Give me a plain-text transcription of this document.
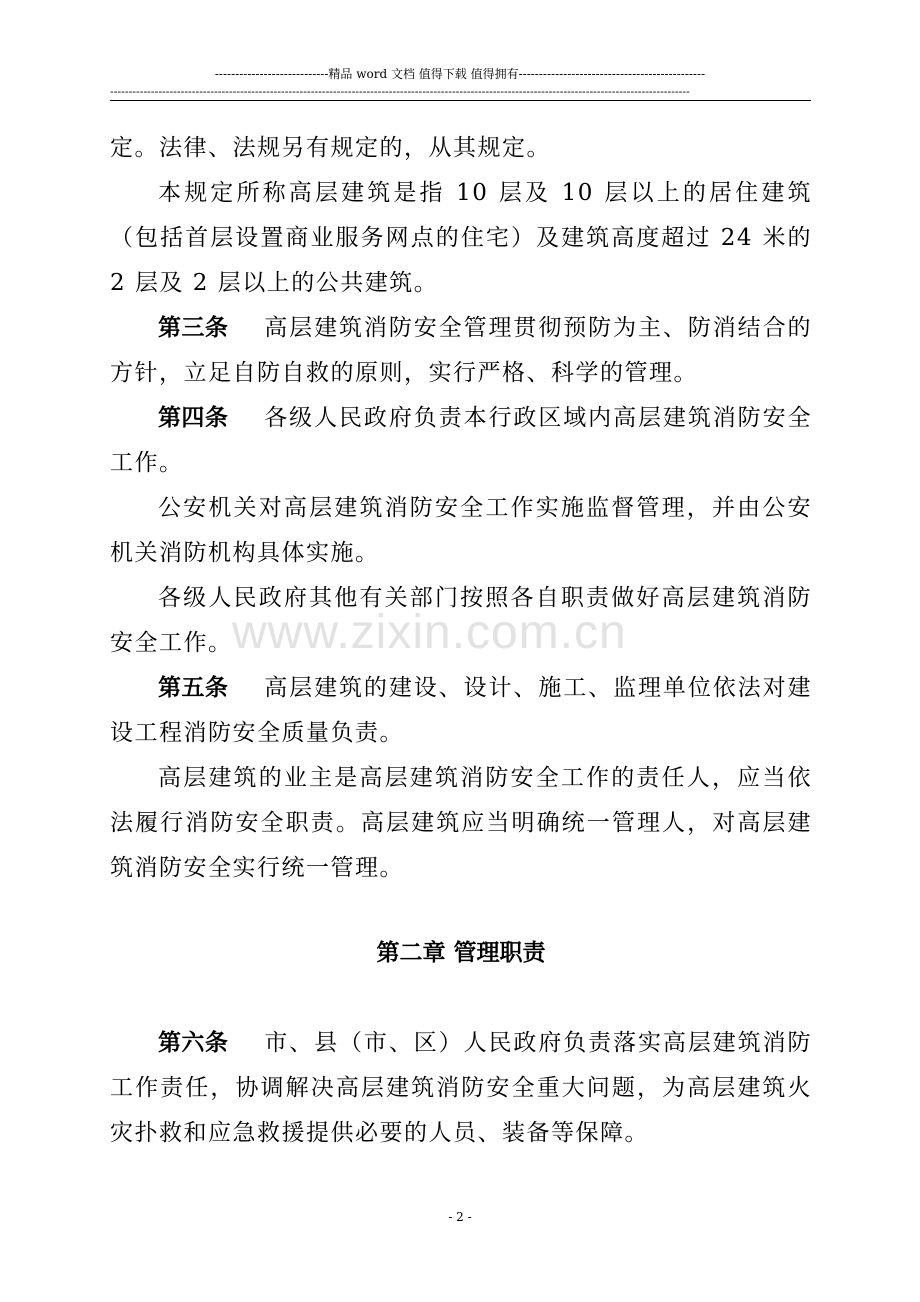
----------------------------精品 word 文档 值得下载 值得拥有----------------------------------------------
------------------------------------------------------------------------------------------------------------------------------------------------------------
www.zixin.com.cn

定。法律、法规另有规定的，从其规定。

本规定所称高层建筑是指 10 层及 10 层以上的居住建筑（包括首层设置商业服务网点的住宅）及建筑高度超过 24 米的 2 层及 2 层以上的公共建筑。

第三条 高层建筑消防安全管理贯彻预防为主、防消结合的方针，立足自防自救的原则，实行严格、科学的管理。

第四条 各级人民政府负责本行政区域内高层建筑消防安全工作。

公安机关对高层建筑消防安全工作实施监督管理，并由公安机关消防机构具体实施。

各级人民政府其他有关部门按照各自职责做好高层建筑消防安全工作。

第五条 高层建筑的建设、设计、施工、监理单位依法对建设工程消防安全质量负责。

高层建筑的业主是高层建筑消防安全工作的责任人，应当依法履行消防安全职责。高层建筑应当明确统一管理人，对高层建筑消防安全实行统一管理。

第二章 管理职责

第六条 市、县（市、区）人民政府负责落实高层建筑消防工作责任，协调解决高层建筑消防安全重大问题，为高层建筑火灾扑救和应急救援提供必要的人员、装备等保障。

- 2 -
